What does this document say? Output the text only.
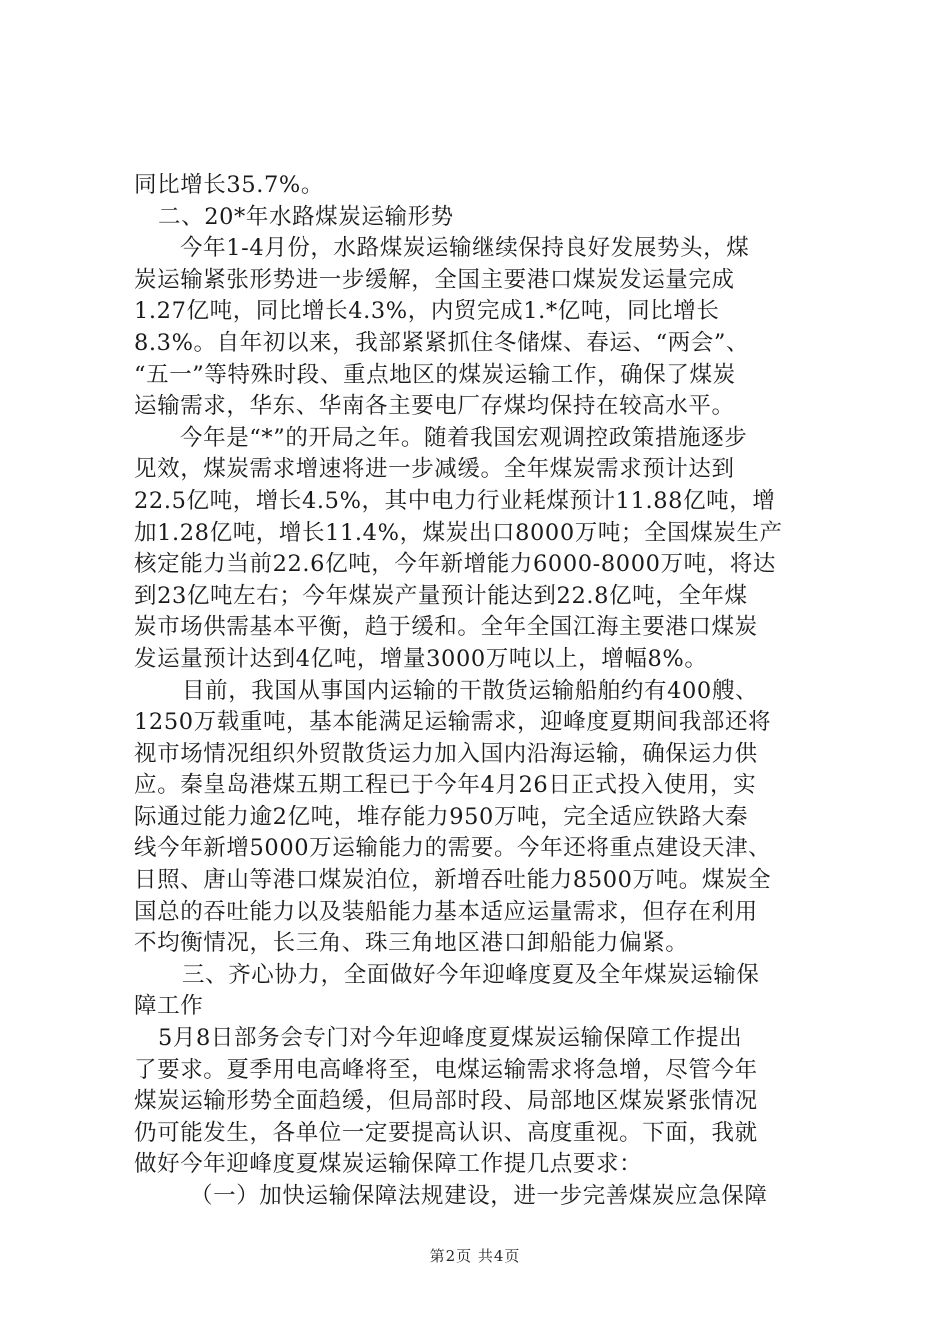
同比增长35.7%。
二、20*年水路煤炭运输形势
今年1-4月份，水路煤炭运输继续保持良好发展势头，煤
炭运输紧张形势进一步缓解，全国主要港口煤炭发运量完成
1.27亿吨，同比增长4.3%，内贸完成1.*亿吨，同比增长
8.3%。自年初以来，我部紧紧抓住冬储煤、春运、“两会”、
“五一”等特殊时段、重点地区的煤炭运输工作，确保了煤炭
运输需求，华东、华南各主要电厂存煤均保持在较高水平。
今年是“*”的开局之年。随着我国宏观调控政策措施逐步
见效，煤炭需求增速将进一步减缓。全年煤炭需求预计达到
22.5亿吨，增长4.5%，其中电力行业耗煤预计11.88亿吨，增
加1.28亿吨，增长11.4%，煤炭出口8000万吨；全国煤炭生产
核定能力当前22.6亿吨，今年新增能力6000-8000万吨，将达
到23亿吨左右；今年煤炭产量预计能达到22.8亿吨，全年煤
炭市场供需基本平衡，趋于缓和。全年全国江海主要港口煤炭
发运量预计达到4亿吨，增量3000万吨以上，增幅8%。
目前，我国从事国内运输的干散货运输船舶约有400艘、
1250万载重吨，基本能满足运输需求，迎峰度夏期间我部还将
视市场情况组织外贸散货运力加入国内沿海运输，确保运力供
应。秦皇岛港煤五期工程已于今年4月26日正式投入使用，实
际通过能力逾2亿吨，堆存能力950万吨，完全适应铁路大秦
线今年新增5000万运输能力的需要。今年还将重点建设天津、
日照、唐山等港口煤炭泊位，新增吞吐能力8500万吨。煤炭全
国总的吞吐能力以及装船能力基本适应运量需求，但存在利用
不均衡情况，长三角、珠三角地区港口卸船能力偏紧。
三、齐心协力，全面做好今年迎峰度夏及全年煤炭运输保
障工作
5月8日部务会专门对今年迎峰度夏煤炭运输保障工作提出
了要求。夏季用电高峰将至，电煤运输需求将急增，尽管今年
煤炭运输形势全面趋缓，但局部时段、局部地区煤炭紧张情况
仍可能发生，各单位一定要提高认识、高度重视。下面，我就
做好今年迎峰度夏煤炭运输保障工作提几点要求：
（一）加快运输保障法规建设，进一步完善煤炭应急保障
第2页 共4页
